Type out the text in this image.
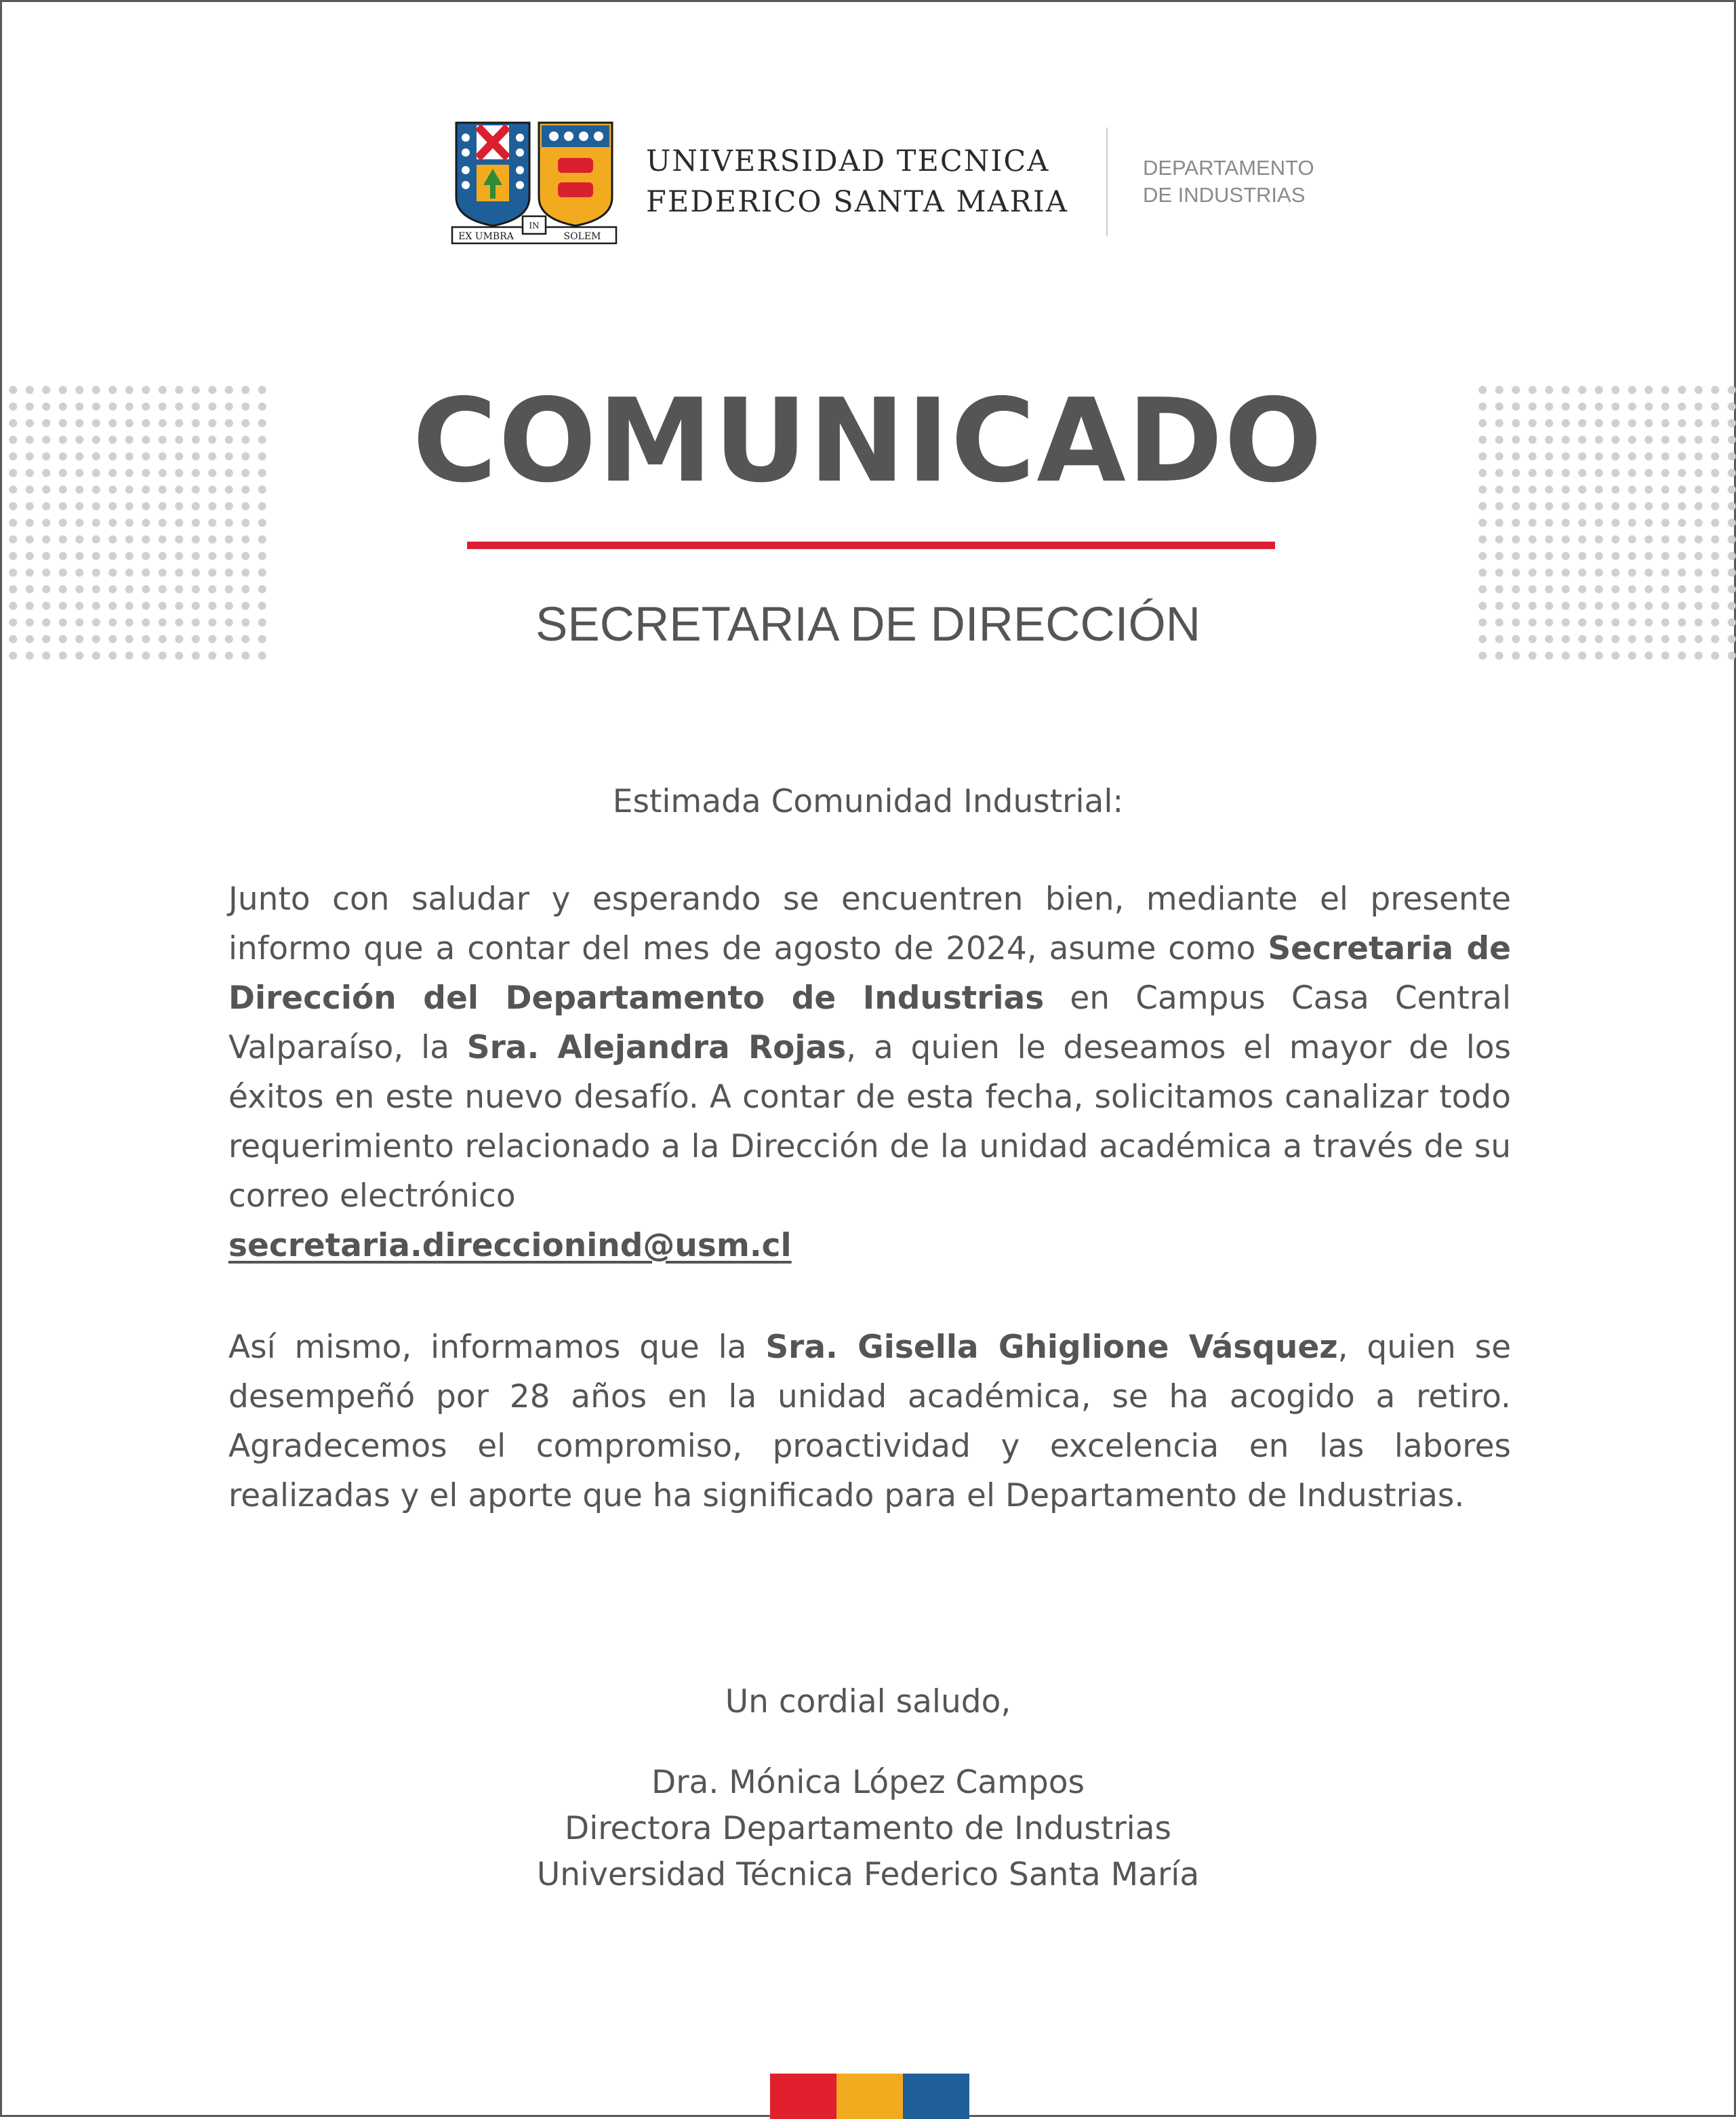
EX UMBRA
IN
SOLEM
UNIVERSIDAD TECNICA
FEDERICO SANTA MARIA
DEPARTAMENTO
DE INDUSTRIAS
COMUNICADO
SECRETARIA DE DIRECCIÓN
Estimada Comunidad Industrial:
Junto con saludar y esperando se encuentren bien, mediante el presente informo que a contar del mes de agosto de 2024, asume como Secretaria de Dirección del Departamento de Industrias en Campus Casa Central Valparaíso, la Sra. Alejandra Rojas, a quien le deseamos el mayor de los éxitos en este nuevo desafío. A contar de esta fecha, solicitamos canalizar todo requerimiento relacionado a la Dirección de la unidad académica a través de su correo electrónico
secretaria.direccionind@usm.cl
Así mismo, informamos que la Sra. Gisella Ghiglione Vásquez, quien se desempeñó por 28 años en la unidad académica, se ha acogido a retiro. Agradecemos el compromiso, proactividad y excelencia en las labores realizadas y el aporte que ha significado para el Departamento de Industrias.
Un cordial saludo,
Dra. Mónica López Campos
Directora Departamento de Industrias
Universidad Técnica Federico Santa María
